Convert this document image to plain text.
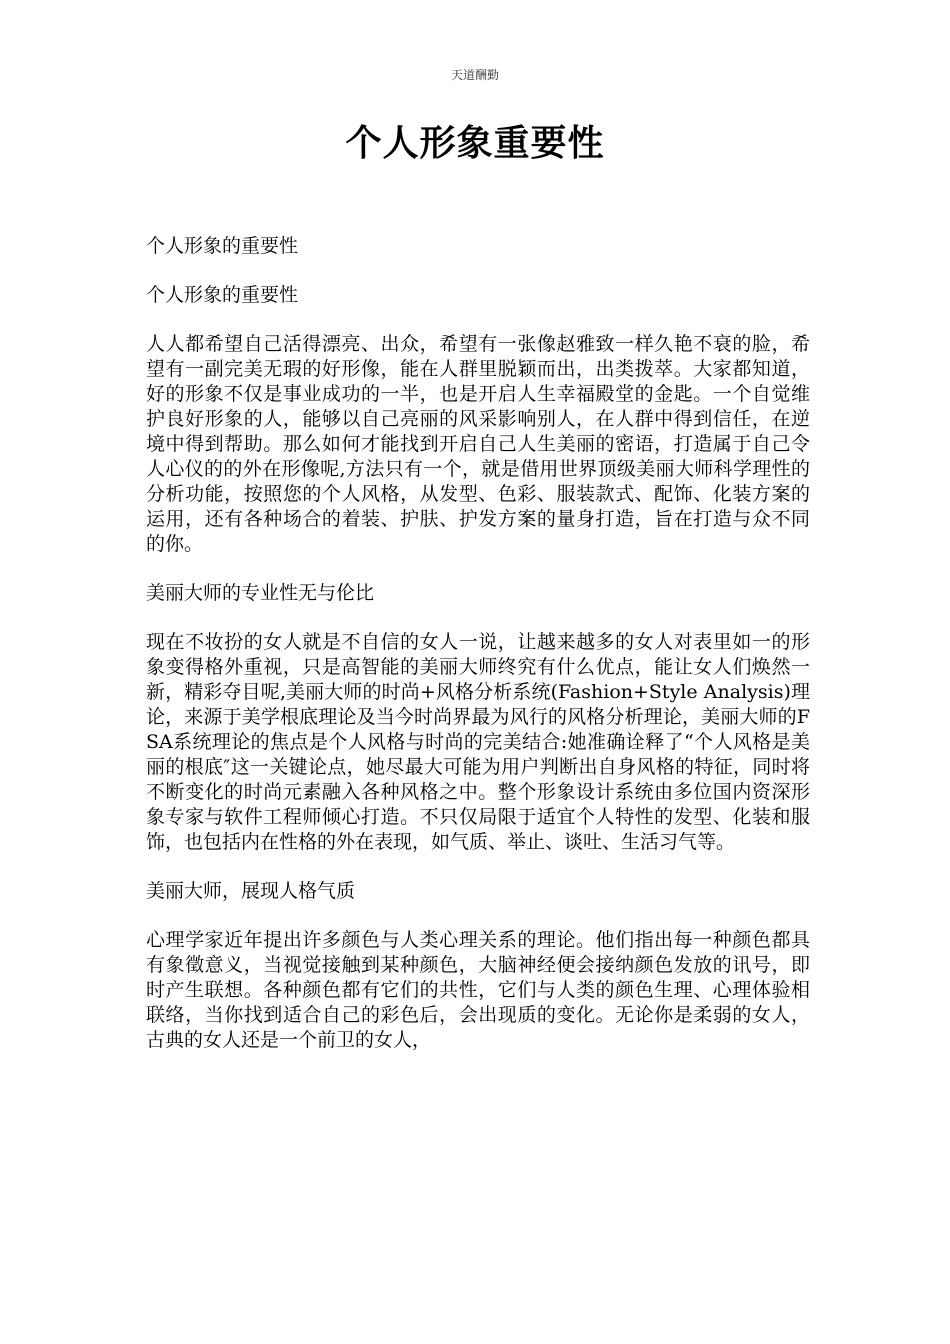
天道酬勤
个人形象重要性

个人形象的重要性

个人形象的重要性

人人都希望自己活得漂亮、出众，希望有一张像赵雅致一样久艳不衰的脸，希望有一副完美无瑕的好形像，能在人群里脱颖而出，出类拨萃。大家都知道，好的形象不仅是事业成功的一半，也是开启人生幸福殿堂的金匙。一个自觉维护良好形象的人，能够以自己亮丽的风采影响别人，在人群中得到信任，在逆境中得到帮助。那么如何才能找到开启自己人生美丽的密语，打造属于自己令人心仪的的外在形像呢,方法只有一个，就是借用世界顶级美丽大师科学理性的分析功能，按照您的个人风格，从发型、色彩、服装款式、配饰、化装方案的运用，还有各种场合的着装、护肤、护发方案的量身打造，旨在打造与众不同的你。

美丽大师的专业性无与伦比

现在不妆扮的女人就是不自信的女人一说，让越来越多的女人对表里如一的形象变得格外重视，只是高智能的美丽大师终究有什么优点，能让女人们焕然一新，精彩夺目呢,美丽大师的时尚+风格分析系统(Fashion+Style Analysis)理论，来源于美学根底理论及当今时尚界最为风行的风格分析理论，美丽大师的FSA系统理论的焦点是个人风格与时尚的完美结合:她准确诠释了“个人风格是美丽的根底″这一关键论点，她尽最大可能为用户判断出自身风格的特征，同时将不断变化的时尚元素融入各种风格之中。整个形象设计系统由多位国内资深形象专家与软件工程师倾心打造。不只仅局限于适宜个人特性的发型、化装和服饰，也包括内在性格的外在表现，如气质、举止、谈吐、生活习气等。

美丽大师，展现人格气质

心理学家近年提出许多颜色与人类心理关系的理论。他们指出每一种颜色都具有象徵意义，当视觉接触到某种颜色，大脑神经便会接纳颜色发放的讯号，即时产生联想。各种颜色都有它们的共性，它们与人类的颜色生理、心理体验相联络，当你找到适合自己的彩色后，会出现质的变化。无论你是柔弱的女人，古典的女人还是一个前卫的女人，
